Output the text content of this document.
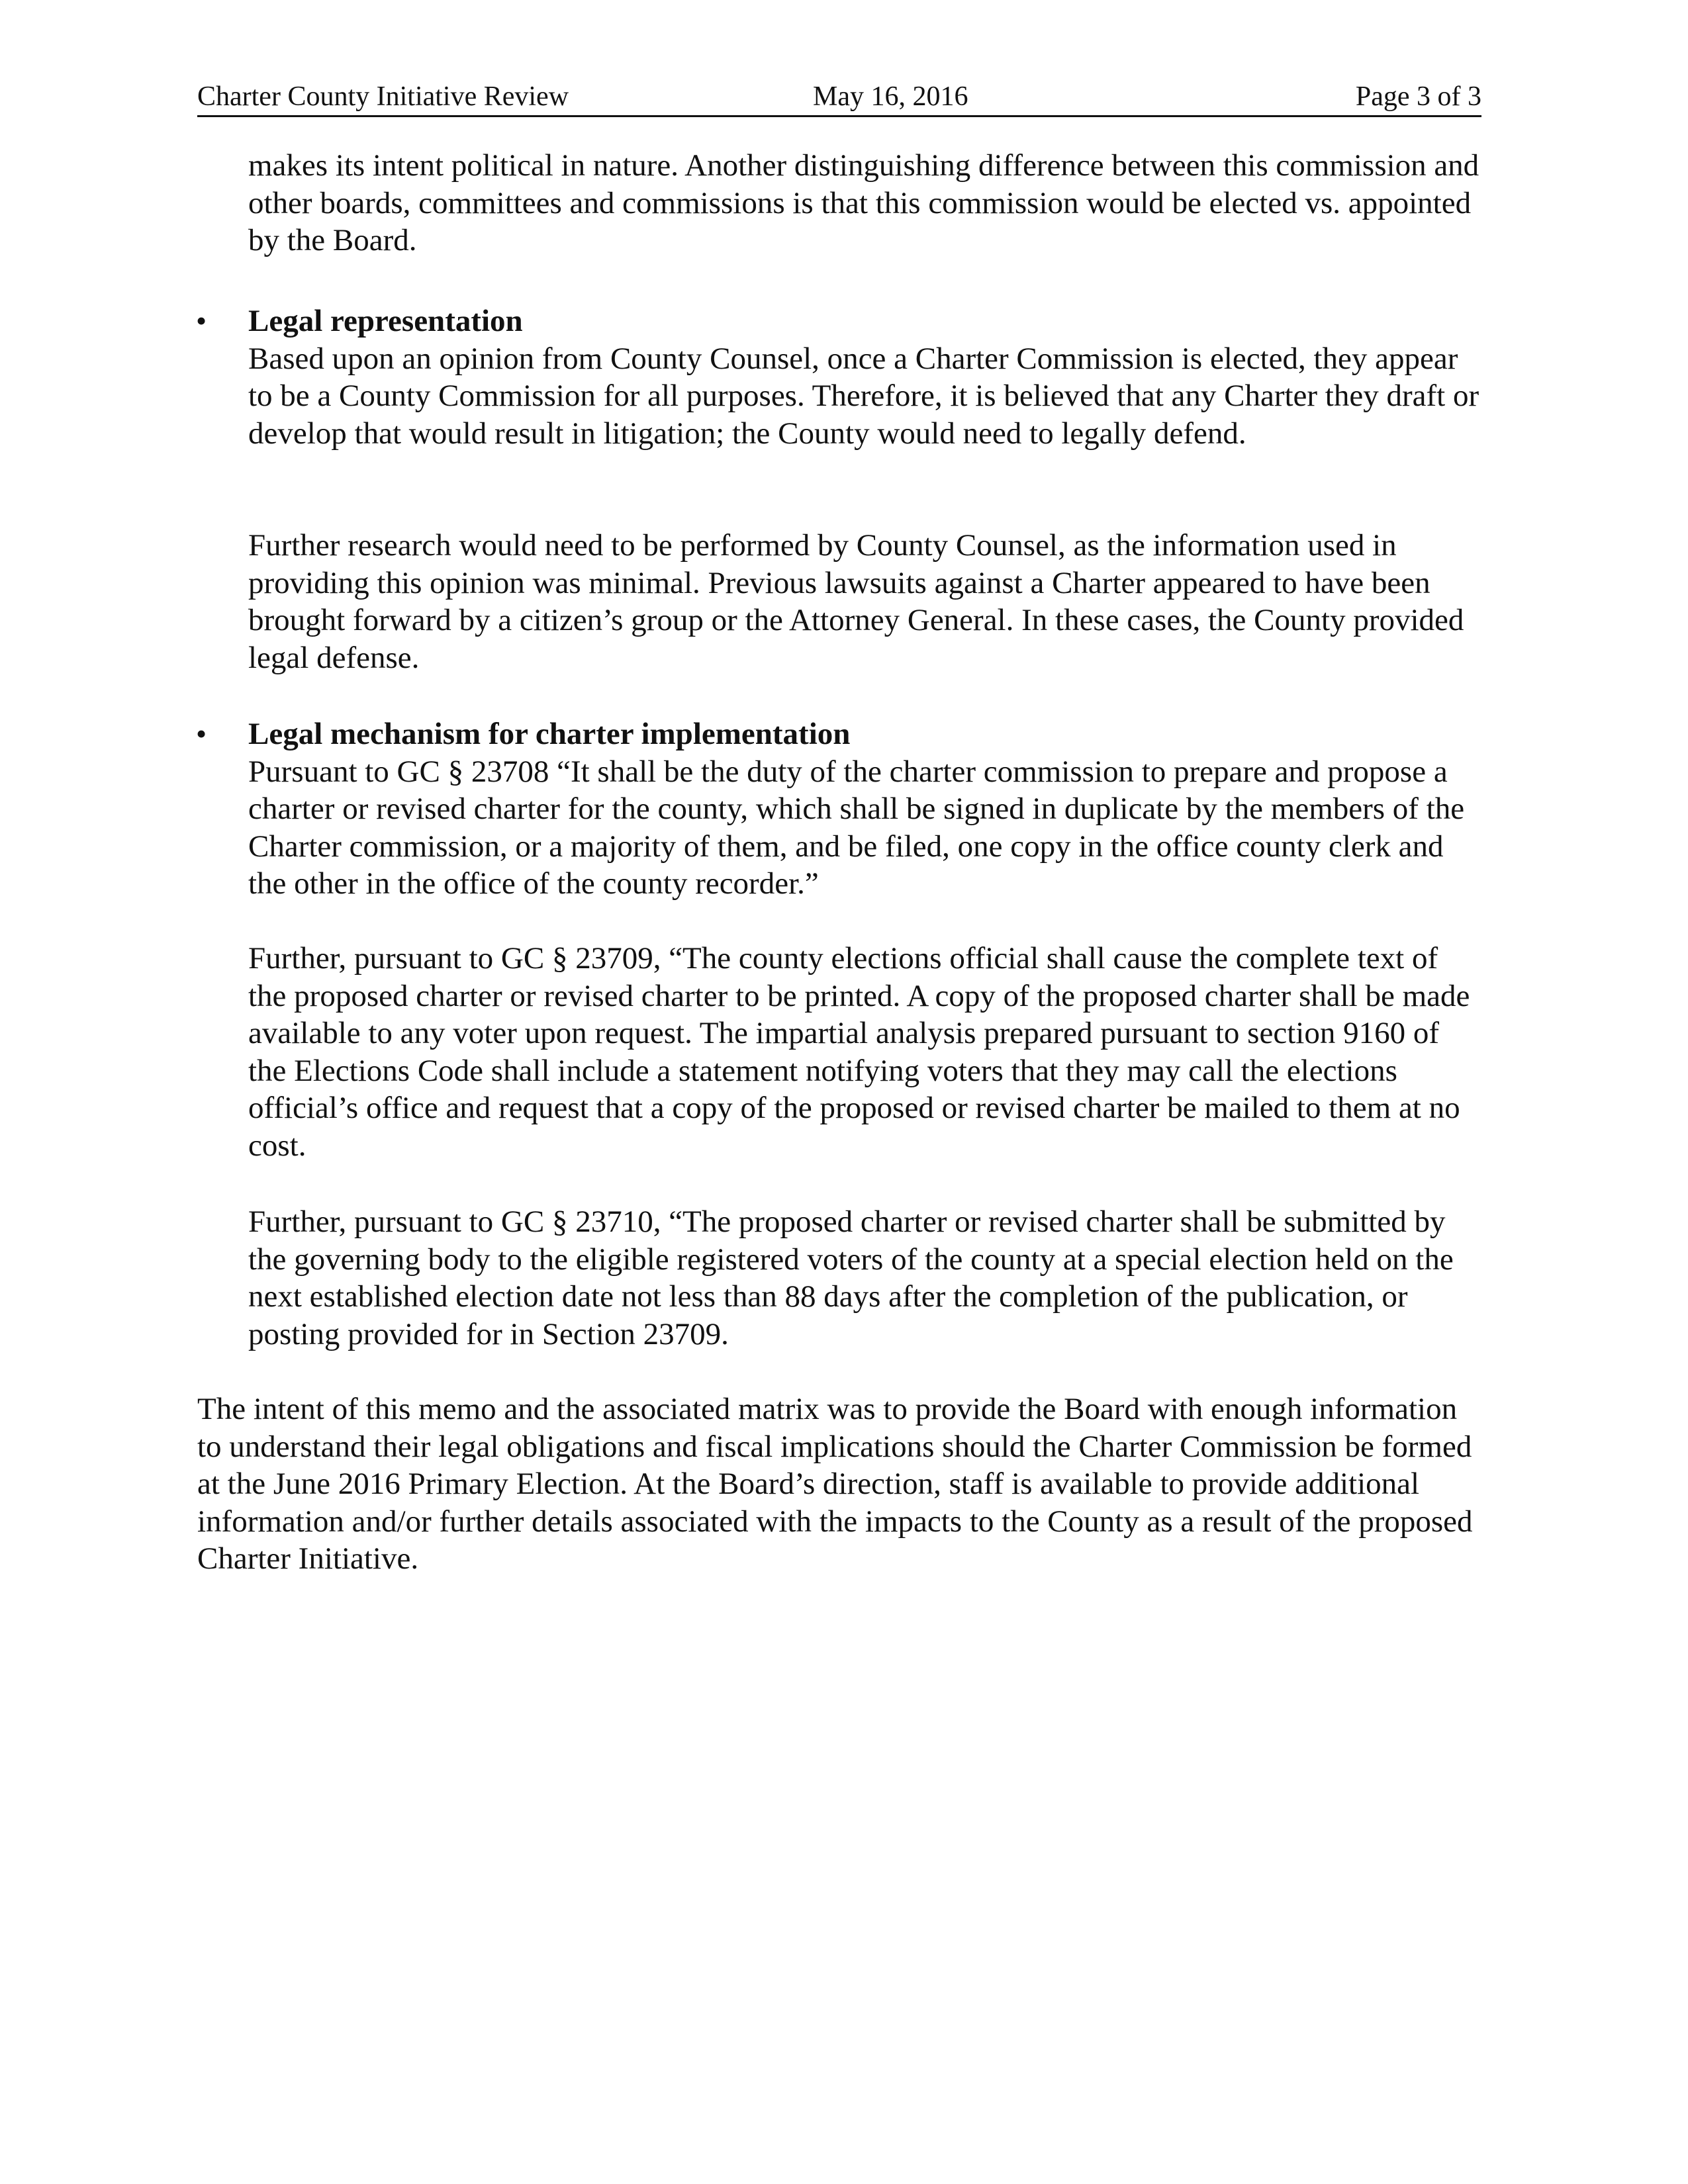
Charter County Initiative Review	May 16, 2016	Page 3 of 3

makes its intent political in nature. Another distinguishing difference between this commission and other boards, committees and commissions is that this commission would be elected vs. appointed by the Board.

• Legal representation
Based upon an opinion from County Counsel, once a Charter Commission is elected, they appear to be a County Commission for all purposes. Therefore, it is believed that any Charter they draft or develop that would result in litigation; the County would need to legally defend.

Further research would need to be performed by County Counsel, as the information used in providing this opinion was minimal. Previous lawsuits against a Charter appeared to have been brought forward by a citizen’s group or the Attorney General. In these cases, the County provided legal defense.

• Legal mechanism for charter implementation
Pursuant to GC § 23708 “It shall be the duty of the charter commission to prepare and propose a charter or revised charter for the county, which shall be signed in duplicate by the members of the Charter commission, or a majority of them, and be filed, one copy in the office county clerk and the other in the office of the county recorder.”

Further, pursuant to GC § 23709, “The county elections official shall cause the complete text of the proposed charter or revised charter to be printed. A copy of the proposed charter shall be made available to any voter upon request. The impartial analysis prepared pursuant to section 9160 of the Elections Code shall include a statement notifying voters that they may call the elections official’s office and request that a copy of the proposed or revised charter be mailed to them at no cost.

Further, pursuant to GC § 23710, “The proposed charter or revised charter shall be submitted by the governing body to the eligible registered voters of the county at a special election held on the next established election date not less than 88 days after the completion of the publication, or posting provided for in Section 23709.

The intent of this memo and the associated matrix was to provide the Board with enough information to understand their legal obligations and fiscal implications should the Charter Commission be formed at the June 2016 Primary Election. At the Board’s direction, staff is available to provide additional information and/or further details associated with the impacts to the County as a result of the proposed Charter Initiative.
